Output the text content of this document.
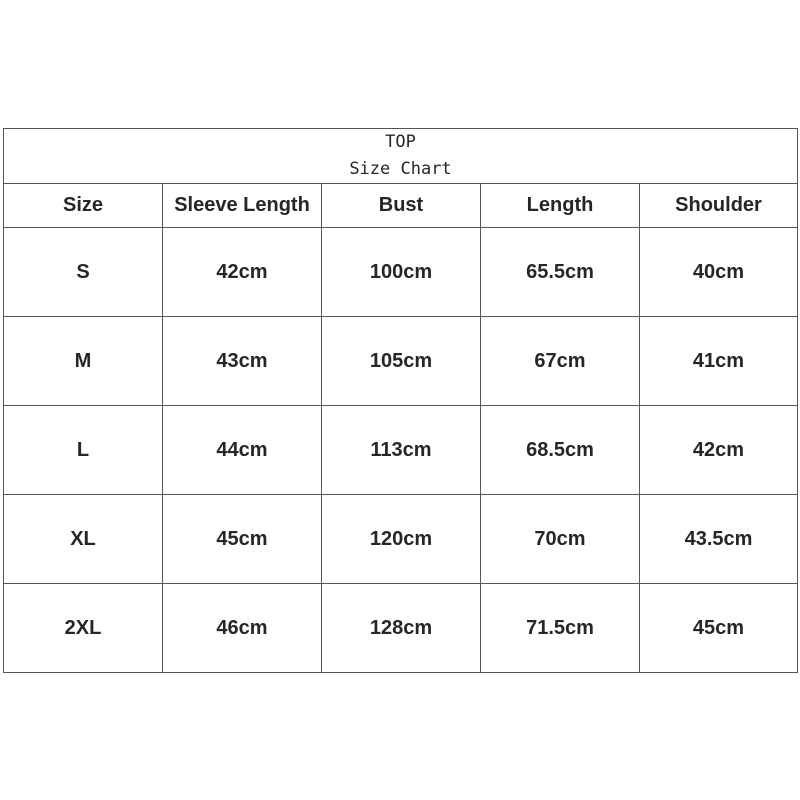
TOP
Size Chart				

Size	Sleeve Length	Bust	Length	Shoulder
S	42cm	100cm	65.5cm	40cm
M	43cm	105cm	67cm	41cm
L	44cm	113cm	68.5cm	42cm
XL	45cm	120cm	70cm	43.5cm
2XL	46cm	128cm	71.5cm	45cm
